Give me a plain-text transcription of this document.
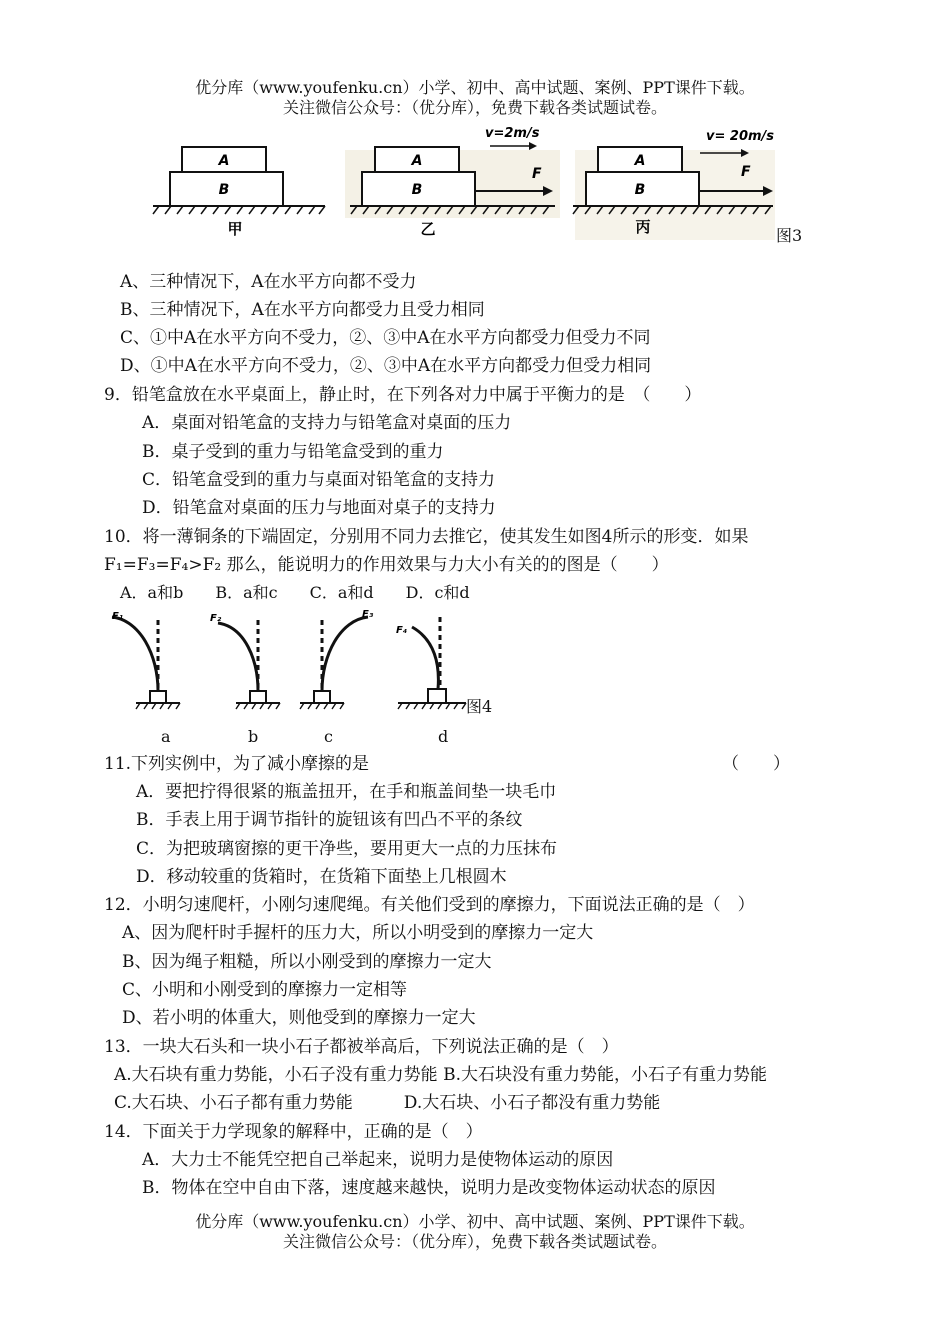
优分库（www.youfenku.cn）小学、初中、高中试题、案例、PPT课件下载。
关注微信公众号：（优分库），免费下载各类试题试卷。
A
B
甲
A
B
v=2m/s
F
乙
A
B
v= 20m/s
F
丙	图3
A、三种情况下，A在水平方向都不受力
B、三种情况下，A在水平方向都受力且受力相同
C、①中A在水平方向不受力，②、③中A在水平方向都受力但受力不同
D、①中A在水平方向不受力，②、③中A在水平方向都受力但受力相同
9．铅笔盒放在水平桌面上，静止时，在下列各对力中属于平衡力的是　（　　）
A．桌面对铅笔盒的支持力与铅笔盒对桌面的压力
B．桌子受到的重力与铅笔盒受到的重力
C．铅笔盒受到的重力与桌面对铅笔盒的支持力
D．铅笔盒对桌面的压力与地面对桌子的支持力
10．将一薄铜条的下端固定，分别用不同力去推它，使其发生如图4所示的形变．如果
F₁=F₃=F₄>F₂ 那么，能说明力的作用效果与力大小有关的的图是（　　）
A．a和b　　B．a和c　　C．a和d　　D．c和d
F₁	F₂	F₃
F₄
图4
a	b	c	d
11.下列实例中，为了减小摩擦的是	（　　）
A．要把拧得很紧的瓶盖扭开，在手和瓶盖间垫一块毛巾
B．手表上用于调节指针的旋钮该有凹凸不平的条纹
C．为把玻璃窗擦的更干净些，要用更大一点的力压抹布
D．移动较重的货箱时，在货箱下面垫上几根圆木
12．小明匀速爬杆，小刚匀速爬绳。有关他们受到的摩擦力，下面说法正确的是（　）
A、因为爬杆时手握杆的压力大，所以小明受到的摩擦力一定大
B、因为绳子粗糙，所以小刚受到的摩擦力一定大
C、小明和小刚受到的摩擦力一定相等
D、若小明的体重大，则他受到的摩擦力一定大
13．一块大石头和一块小石子都被举高后，下列说法正确的是（　）
A.大石块有重力势能，小石子没有重力势能 B.大石块没有重力势能，小石子有重力势能
C.大石块、小石子都有重力势能　　　D.大石块、小石子都没有重力势能
14．下面关于力学现象的解释中，正确的是（　）
A．大力士不能凭空把自己举起来，说明力是使物体运动的原因
B．物体在空中自由下落，速度越来越快，说明力是改变物体运动状态的原因
优分库（www.youfenku.cn）小学、初中、高中试题、案例、PPT课件下载。
关注微信公众号：（优分库），免费下载各类试题试卷。
